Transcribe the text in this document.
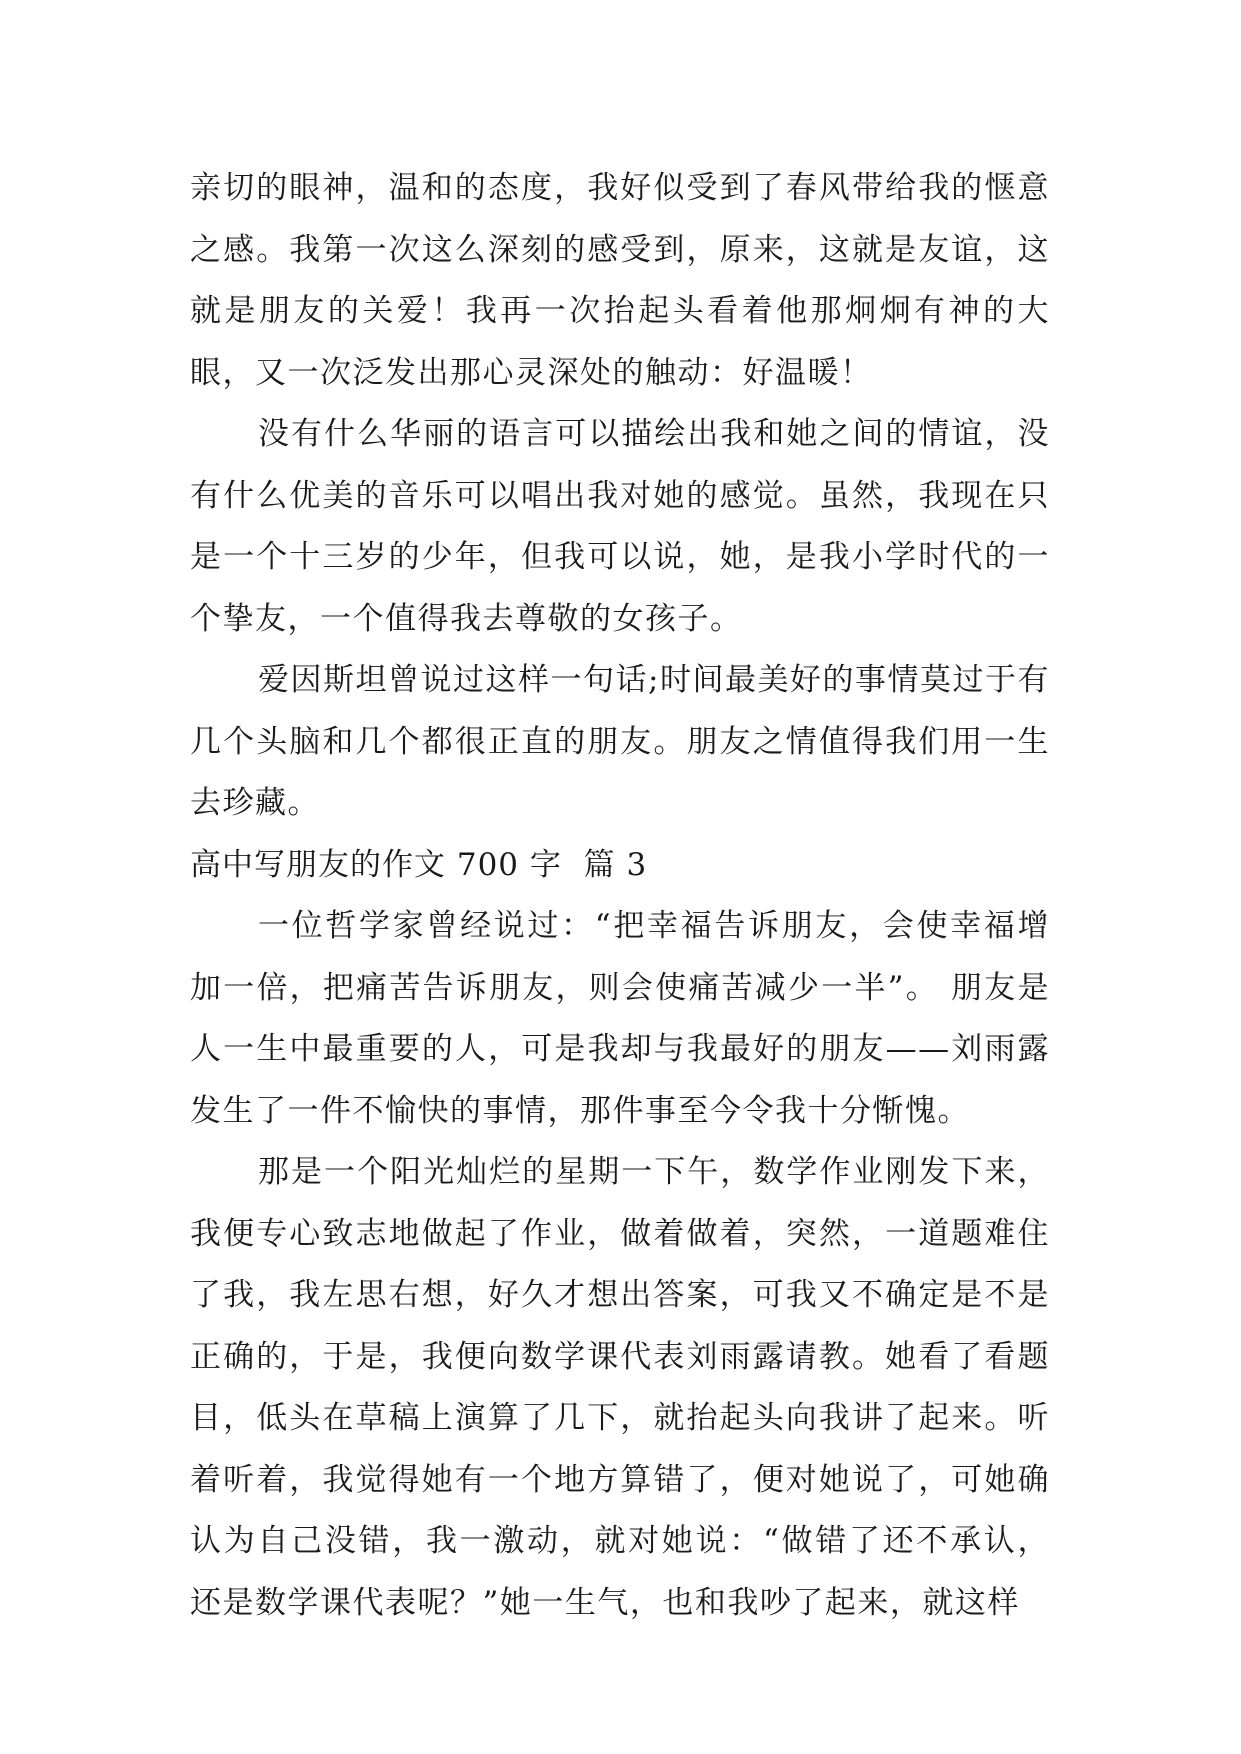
亲切的眼神，温和的态度，我好似受到了春风带给我的惬意之感。我第一次这么深刻的感受到，原来，这就是友谊，这就是朋友的关爱！我再一次抬起头看着他那炯炯有神的大眼，又一次泛发出那心灵深处的触动：好温暖！

没有什么华丽的语言可以描绘出我和她之间的情谊，没有什么优美的音乐可以唱出我对她的感觉。虽然，我现在只是一个十三岁的少年，但我可以说，她，是我小学时代的一个挚友，一个值得我去尊敬的女孩子。

爱因斯坦曾说过这样一句话;时间最美好的事情莫过于有几个头脑和几个都很正直的朋友。朋友之情值得我们用一生去珍藏。

高中写朋友的作文 700 字  篇 3

一位哲学家曾经说过：“把幸福告诉朋友，会使幸福增加一倍，把痛苦告诉朋友，则会使痛苦减少一半”。 朋友是人一生中最重要的人，可是我却与我最好的朋友——刘雨露发生了一件不愉快的事情，那件事至今令我十分惭愧。

那是一个阳光灿烂的星期一下午，数学作业刚发下来，我便专心致志地做起了作业，做着做着，突然，一道题难住了我，我左思右想，好久才想出答案，可我又不确定是不是正确的，于是，我便向数学课代表刘雨露请教。她看了看题目，低头在草稿上演算了几下，就抬起头向我讲了起来。听着听着，我觉得她有一个地方算错了，便对她说了，可她确认为自己没错，我一激动，就对她说：“做错了还不承认，还是数学课代表呢？”她一生气，也和我吵了起来，就这样
